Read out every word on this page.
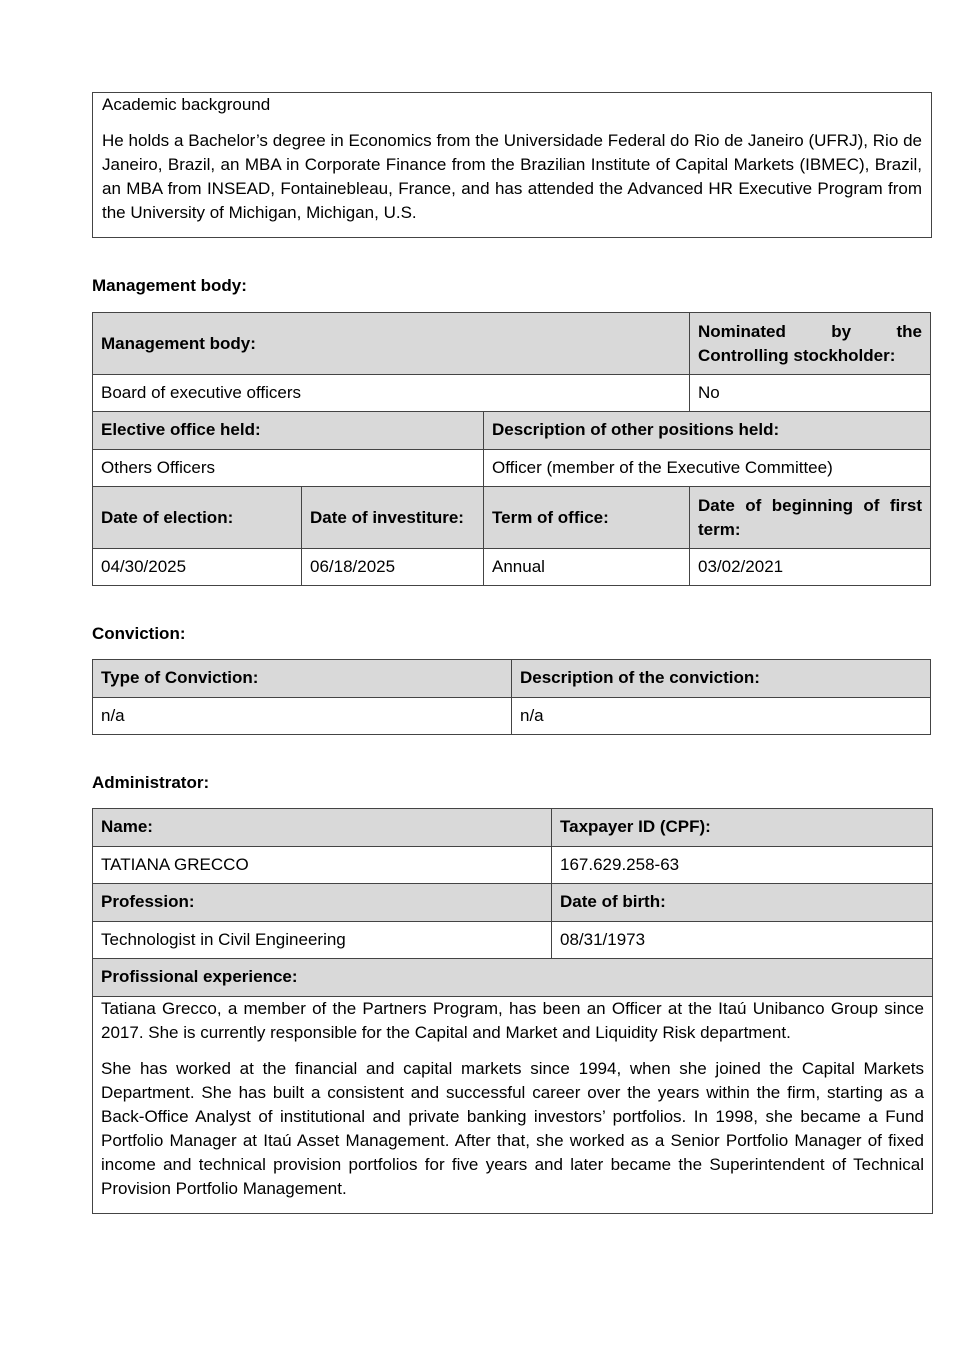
Academic background

He holds a Bachelor’s degree in Economics from the Universidade Federal do Rio de Janeiro (UFRJ), Rio de Janeiro, Brazil, an MBA in Corporate Finance from the Brazilian Institute of Capital Markets (IBMEC), Brazil, an MBA from INSEAD, Fontainebleau, France, and has attended the Advanced HR Executive Program from the University of Michigan, Michigan, U.S.

Management body:
Management body:			Nominated by the
Controlling stockholder:

Board of executive officers			No
Elective office held:		Description of other positions held:	
Others Officers		Officer (member of the Executive Committee)	
Date of election:	Date of investiture:	Term of office:	Date of beginning of first
term:

04/30/2025	06/18/2025	Annual	03/02/2021
Conviction:
Type of Conviction:	Description of the conviction:
n/a	n/a
Administrator:
Name:	Taxpayer ID (CPF):
TATIANA GRECCO	167.629.258-63
Profession:	Date of birth:
Technologist in Civil Engineering	08/31/1973
Profissional experience:	

Tatiana Grecco, a member of the Partners Program, has been an Officer at the Itaú Unibanco Group since 2017. She is currently responsible for the Capital and Market and Liquidity Risk department.
She has worked at the financial and capital markets since 1994, when she joined the Capital Markets Department. She has built a consistent and successful career over the years within the firm, starting as a Back-Office Analyst of institutional and private banking investors’ portfolios. In 1998, she became a Fund Portfolio Manager at Itaú Asset Management. After that, she worked as a Senior Portfolio Manager of fixed income and technical provision portfolios for five years and later became the Superintendent of Technical Provision Portfolio Management.	
